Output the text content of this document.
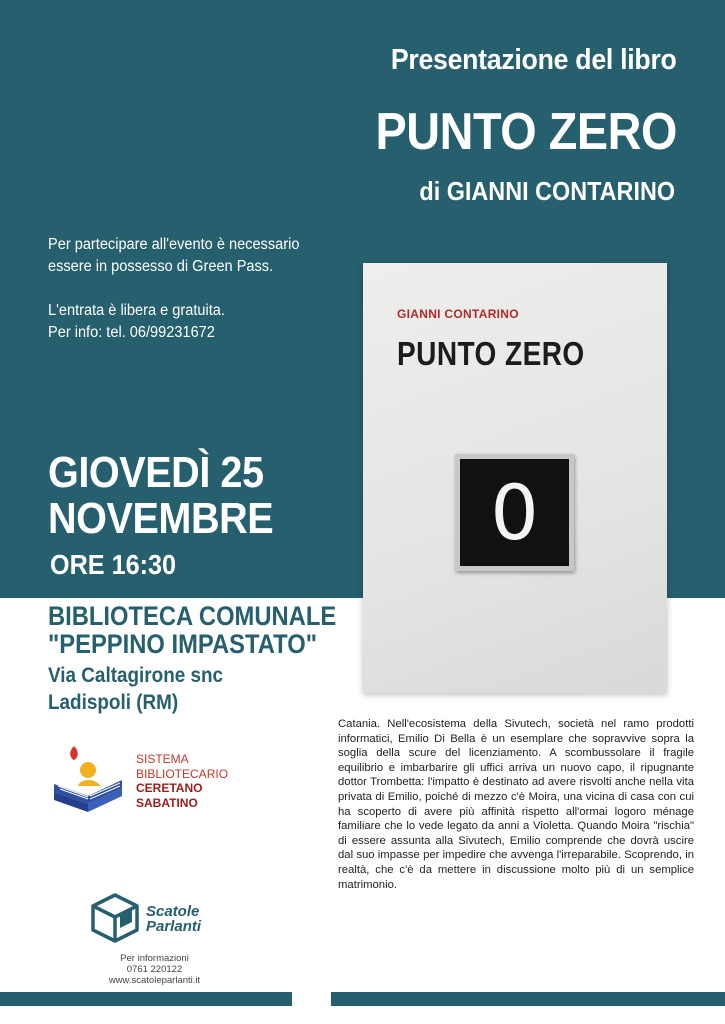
Presentazione del libro
PUNTO ZERO
di GIANNI CONTARINO

Per partecipare all'evento è necessario

essere in possesso di Green Pass.

L'entrata è libera e gratuita.

Per info: tel. 06/99231672

GIOVEDÌ 25
NOVEMBRE
ORE 16:30

BIBLIOTECA COMUNALE

"PEPPINO IMPASTATO"

Via Caltagirone snc

Ladispoli (RM)

GIANNI CONTARINO
PUNTO ZERO
0
Catania. Nell'ecosistema della Sivutech, società nel ramo prodotti informatici, Emilio Di Bella è un esemplare che sopravvive sopra la soglia della scure del licenziamento. A scombussolare il fragile equilibrio e imbarbarire gli uffici arriva un nuovo capo, il ripugnante dottor Trombetta: l'impatto è destinato ad avere risvolti anche nella vita privata di Emilio, poiché di mezzo c'è Moira, una vicina di casa con cui ha scoperto di avere più affinità rispetto all'ormai logoro ménage familiare che lo vede legato da anni a Violetta. Quando Moira "rischia" di essere assunta alla Sivutech, Emilio comprende che dovrà uscire dal suo impasse per impedire che avvenga l'irreparabile. Scoprendo, in realtà, che c'è da mettere in discussione molto più di un semplice matrimonio.
SISTEMA
BIBLIOTECARIO
CERETANO
SABATINO
Scatole
Parlanti
Per informazioni
0761 220122
www.scatoleparlanti.it
